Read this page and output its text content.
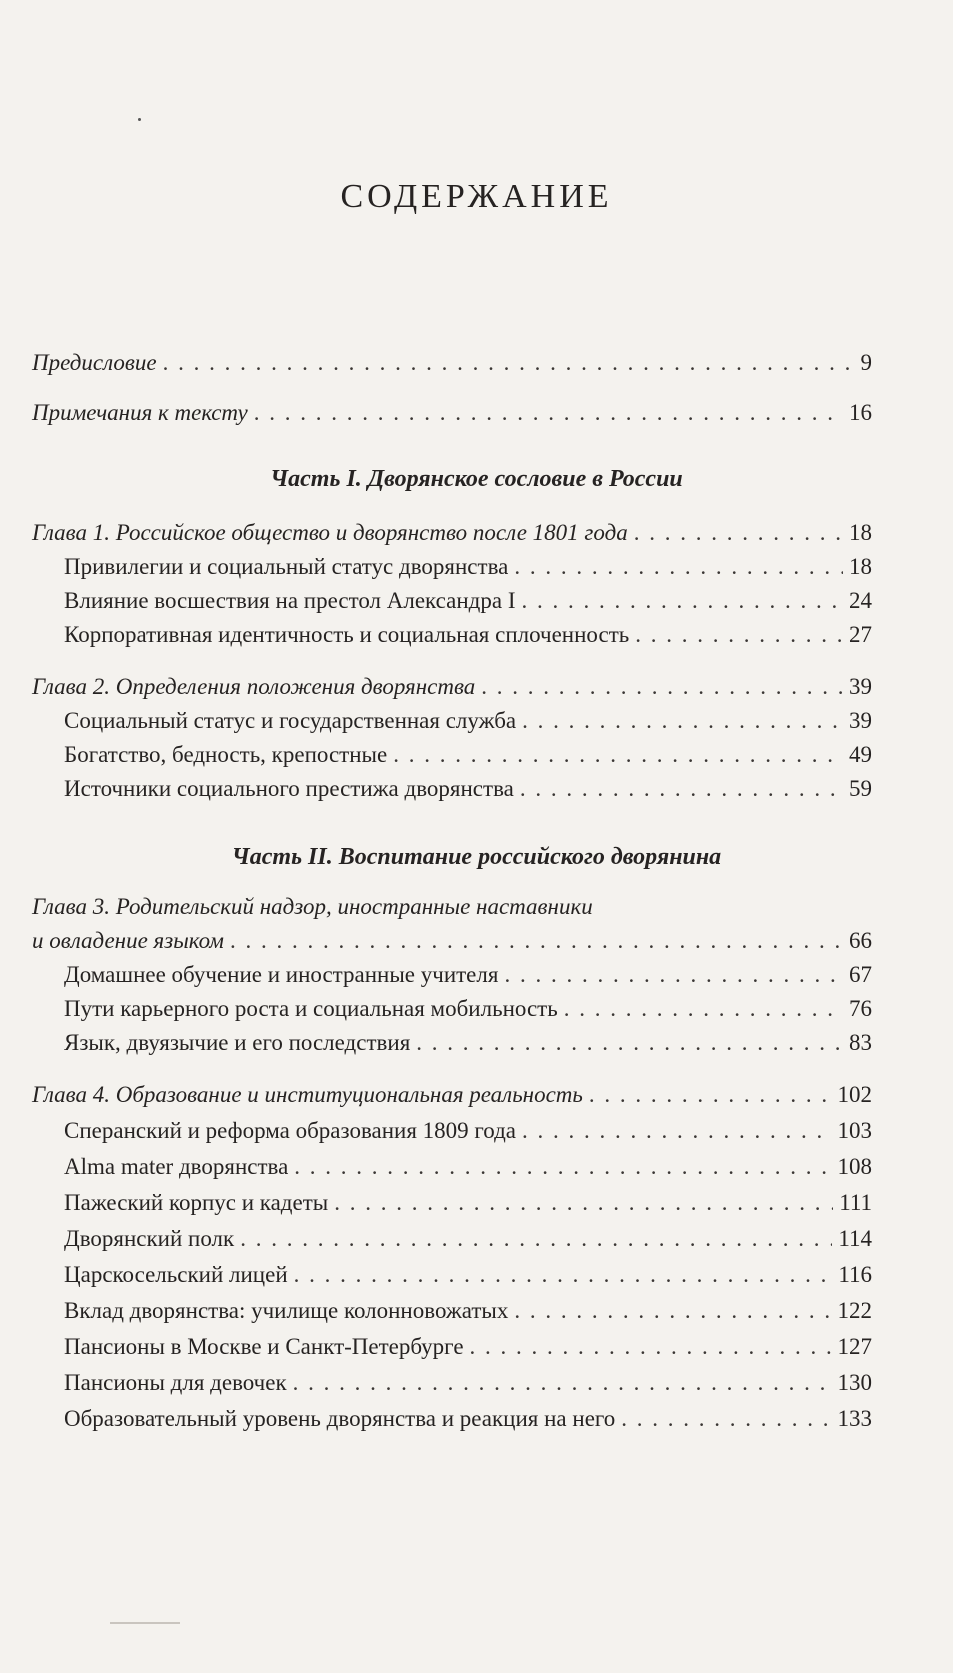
СОДЕРЖАНИЕ
Предисловие . . .	9
Примечания к тексту . . .	16
Часть I. Дворянское сословие в России
Глава 1. Российское общество и дворянство после 1801 года . . .	18
Привилегии и социальный статус дворянства . . .	18
Влияние восшествия на престол Александра I . . .	24
Корпоративная идентичность и социальная сплоченность . . .	27
Глава 2. Определения положения дворянства . . .	39
Социальный статус и государственная служба . . .	39
Богатство, бедность, крепостные . . .	49
Источники социального престижа дворянства . . .	59
Часть II. Воспитание российского дворянина
Глава 3. Родительский надзор, иностранные наставники
и овладение языком . . .	66
Домашнее обучение и иностранные учителя . . .	67
Пути карьерного роста и социальная мобильность . . .	76
Язык, двуязычие и его последствия . . .	83
Глава 4. Образование и институциональная реальность . . .	102
Сперанский и реформа образования 1809 года . . .	103
Alma mater дворянства . . .	108
Пажеский корпус и кадеты . . .	111
Дворянский полк . . .	114
Царскосельский лицей . . .	116
Вклад дворянства: училище колонновожатых . . .	122
Пансионы в Москве и Санкт-Петербурге . . .	127
Пансионы для девочек . . .	130
Образовательный уровень дворянства и реакция на него . . .	133
